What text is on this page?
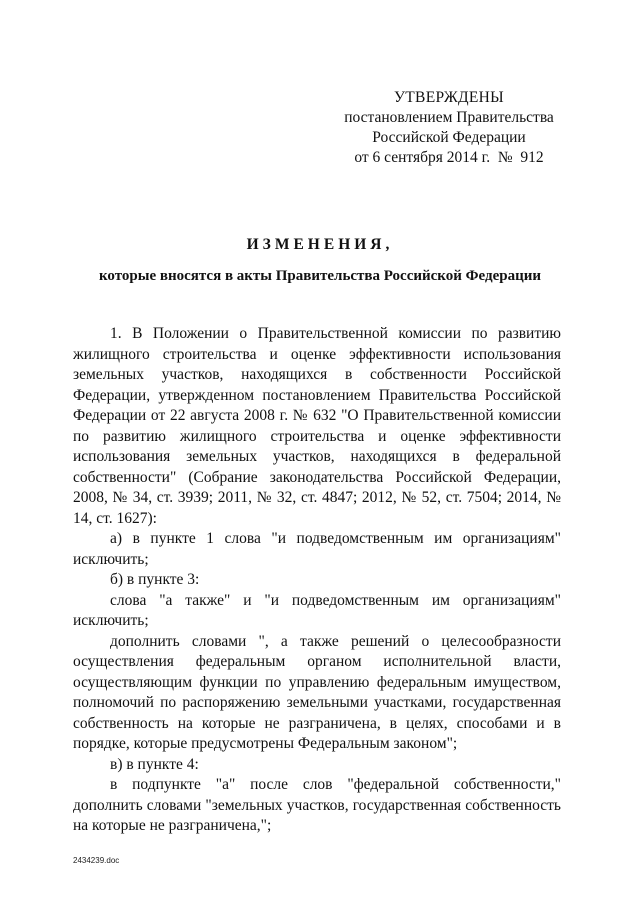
УТВЕРЖДЕНЫ
постановлением Правительства
Российской Федерации
от 6 сентября 2014 г.  №  912
ИЗМЕНЕНИЯ,
которые вносятся в акты Правительства Российской Федерации

1. В Положении о Правительственной комиссии по развитию жилищного строительства и оценке эффективности использования земельных участков, находящихся в собственности Российской Федерации, утвержденном постановлением Правительства Российской Федерации от 22 августа 2008 г. № 632 "О Правительственной комиссии по развитию жилищного строительства и оценке эффективности использования земельных участков, находящихся в федеральной собственности" (Собрание законодательства Российской Федерации, 2008, № 34, ст. 3939; 2011, № 32, ст. 4847; 2012, № 52, ст. 7504; 2014, № 14, ст. 1627):

а) в пункте 1 слова "и подведомственным им организациям" исключить;

б) в пункте 3:

слова "а также" и "и подведомственным им организациям" исключить;

дополнить словами ", а также решений о целесообразности осуществления федеральным органом исполнительной власти, осуществляющим функции по управлению федеральным имуществом, полномочий по распоряжению земельными участками, государственная собственность на которые не разграничена, в целях, способами и в порядке, которые предусмотрены Федеральным законом";

в) в пункте 4:

в подпункте "а" после слов "федеральной собственности," дополнить словами "земельных участков, государственная собственность на которые не разграничена,";

2434239.doc
